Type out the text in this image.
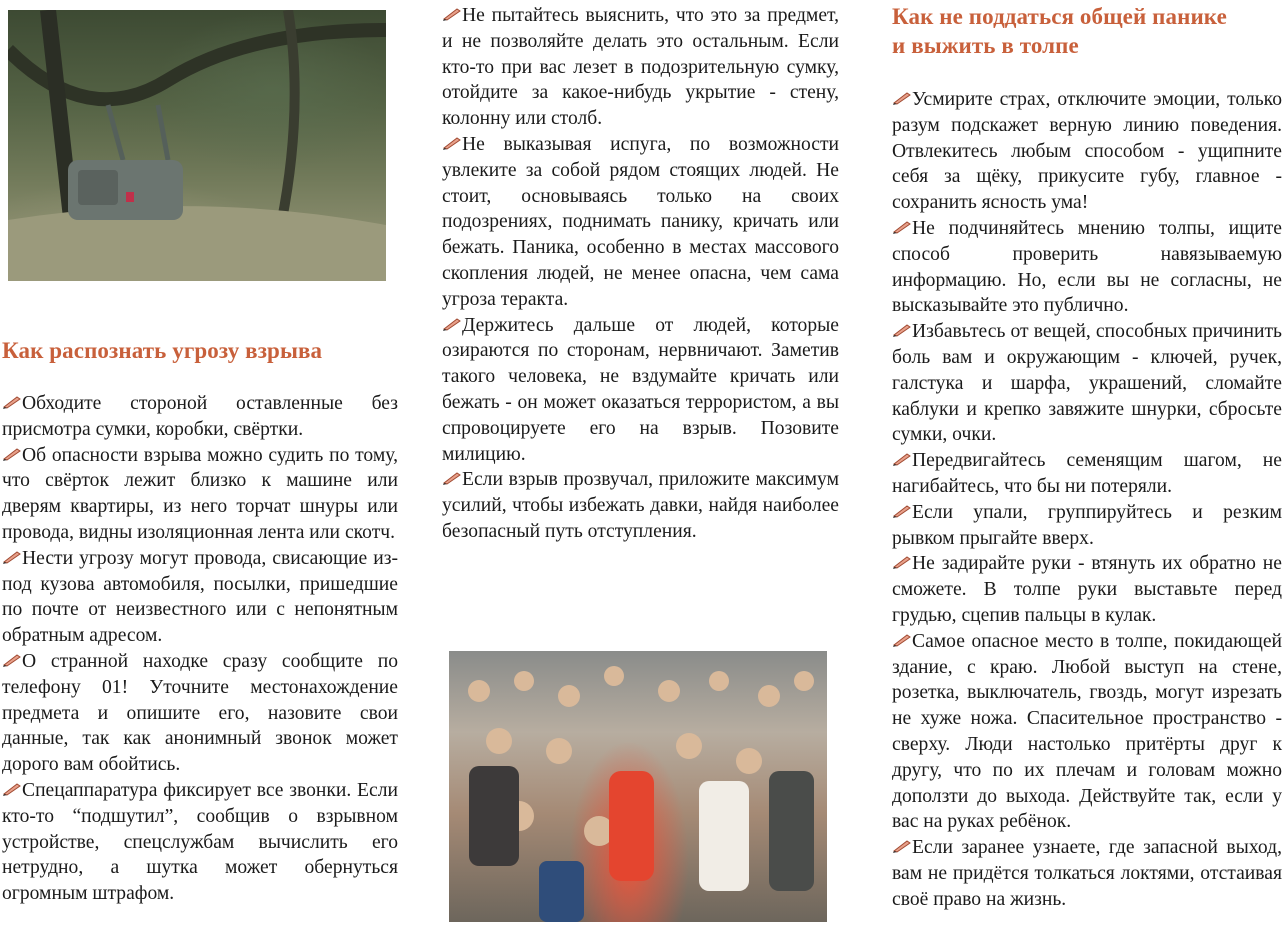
Как распознать угрозу взрыва

Обходите стороной оставленные без присмотра сумки, коробки, свёртки.

Об опасности взрыва можно судить по тому, что свёрток лежит близко к машине или дверям квартиры, из него торчат шнуры или провода, видны изоляционная лента или скотч.

Нести угрозу могут провода, свисающие из-под кузова автомобиля, посылки, пришедшие по почте от неизвестного или с непонятным обратным адресом.

О странной находке сразу сообщите по телефону 01! Уточните местонахождение предмета и опишите его, назовите свои данные, так как анонимный звонок может дорого вам обойтись.

Спецаппаратура фиксирует все звонки. Если кто-то “подшутил”, сообщив о взрывном устройстве, спецслужбам вычислить его нетрудно, а шутка может обернуться огромным штрафом.

Не пытайтесь выяснить, что это за предмет, и не позволяйте делать это остальным. Если кто-то при вас лезет в подозрительную сумку, отойдите за какое-нибудь укрытие - стену, колонну или столб.

Не выказывая испуга, по возможности увлеките за собой рядом стоящих людей. Не стоит, основываясь только на своих подозрениях, поднимать панику, кричать или бежать. Паника, особенно в местах массового скопления людей, не менее опасна, чем сама угроза теракта.

Держитесь дальше от людей, которые озираются по сторонам, нервничают. Заметив такого человека, не вздумайте кричать или бежать - он может оказаться террористом, а вы спровоцируете его на взрыв. Позовите милицию.

Если взрыв прозвучал, приложите максимум усилий, чтобы избежать давки, найдя наиболее безопасный путь отступления.

Как не поддаться общей панике
и выжить в толпе

Усмирите страх, отключите эмоции, только разум подскажет верную линию поведения. Отвлекитесь любым способом - ущипните себя за щёку, прикусите губу, главное - сохранить ясность ума!

Не подчиняйтесь мнению толпы, ищите способ проверить навязываемую информацию. Но, если вы не согласны, не высказывайте это публично.

Избавьтесь от вещей, способных причинить боль вам и окружающим - ключей, ручек, галстука и шарфа, украшений, сломайте каблуки и крепко завяжите шнурки, сбросьте сумки, очки.

Передвигайтесь семенящим шагом, не нагибайтесь, что бы ни потеряли.

Если упали, группируйтесь и резким рывком прыгайте вверх.

Не задирайте руки - втянуть их обратно не сможете. В толпе руки выставьте перед грудью, сцепив пальцы в кулак.

Самое опасное место в толпе, покидающей здание, с краю. Любой выступ на стене, розетка, выключатель, гвоздь, могут изрезать не хуже ножа. Спасительное пространство - сверху. Люди настолько притёрты друг к другу, что по их плечам и головам можно доползти до выхода. Действуйте так, если у вас на руках ребёнок.

Если заранее узнаете, где запасной выход, вам не придётся толкаться локтями, отстаивая своё право на жизнь.
